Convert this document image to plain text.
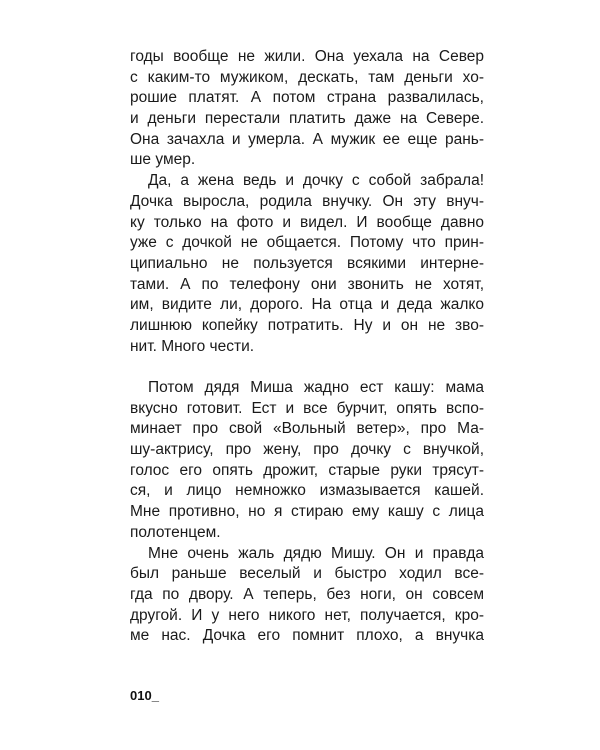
годы вообще не жили. Она уехала на Север
с каким-то мужиком, дескать, там деньги хо-
рошие платят. А потом страна развалилась,
и деньги перестали платить даже на Севере.
Она зачахла и умерла. А мужик ее еще рань-
ше умер.
Да, а жена ведь и дочку с собой забрала!
Дочка выросла, родила внучку. Он эту внуч-
ку только на фото и видел. И вообще давно
уже с дочкой не общается. Потому что прин-
ципиально не пользуется всякими интерне-
тами. А по телефону они звонить не хотят,
им, видите ли, дорого. На отца и деда жалко
лишнюю копейку потратить. Ну и он не зво-
нит. Много чести.
Потом дядя Миша жадно ест кашу: мама
вкусно готовит. Ест и все бурчит, опять вспо-
минает про свой «Вольный ветер», про Ма-
шу-актрису, про жену, про дочку с внучкой,
голос его опять дрожит, старые руки трясут-
ся, и лицо немножко измазывается кашей.
Мне противно, но я стираю ему кашу с лица
полотенцем.
Мне очень жаль дядю Мишу. Он и правда
был раньше веселый и быстро ходил все-
гда по двору. А теперь, без ноги, он совсем
другой. И у него никого нет, получается, кро-
ме нас. Дочка его помнит плохо, а внучка
010_
